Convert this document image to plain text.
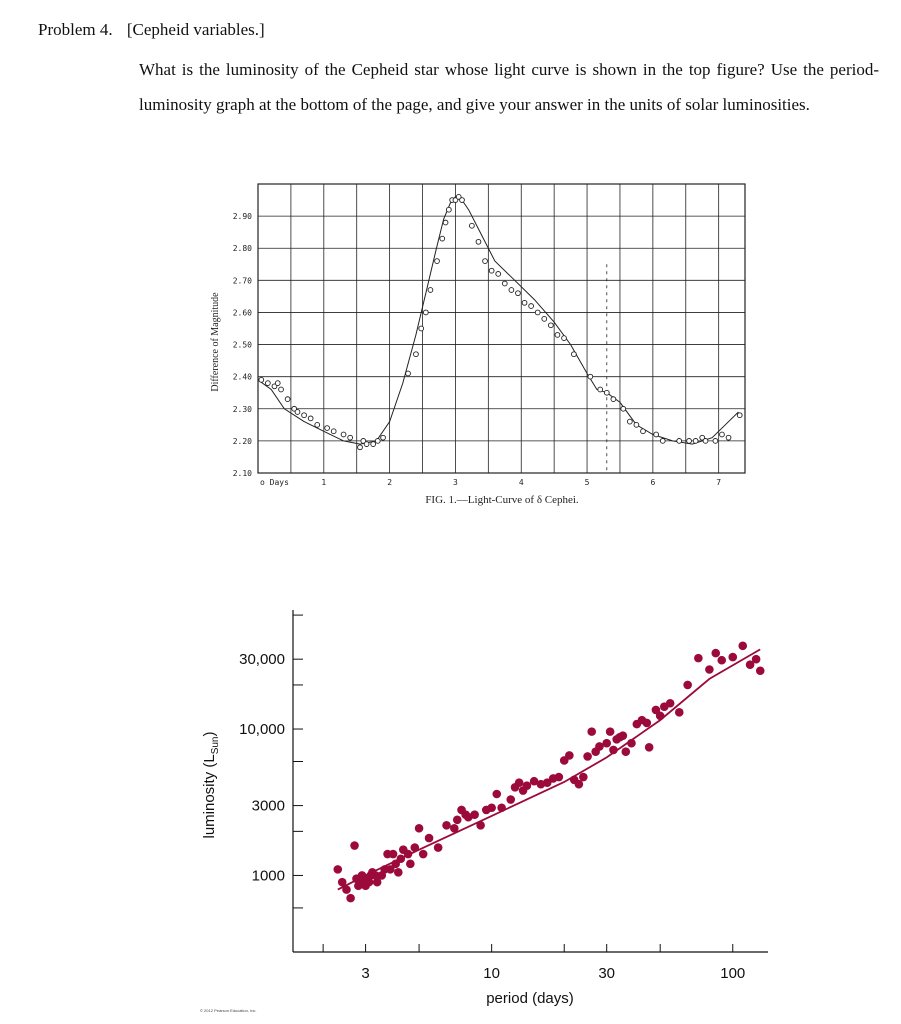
Problem 4. [Cepheid variables.]
What is the luminosity of the Cepheid star whose light curve is shown in the top figure? Use the period-luminosity graph at the bottom of the page, and give your answer in the units of solar luminosities.
2.10
2.20
2.30
2.40
2.50
2.60
2.70
2.80
2.90
o Days	1	2	3	4	5	6	7
Difference of Magnitude
FIG. 1.—Light-Curve of δ Cephei.
1000
3000
10,000
30,000
3	10	30	100
period (days)
luminosity $(L_{Sun})$
© 2012 Pearson Education, Inc.
